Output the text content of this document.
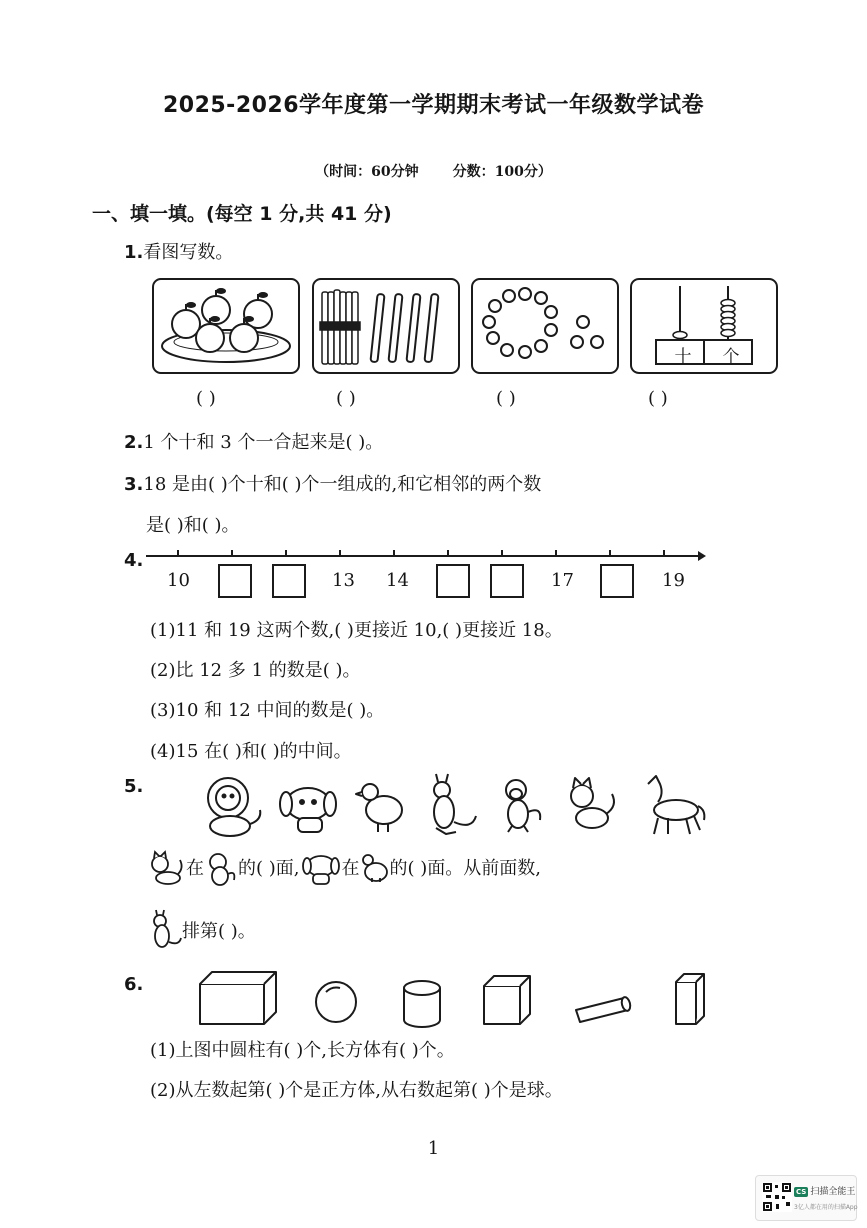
2025-2026学年度第一学期期末考试一年级数学试卷
（时间：60分钟 分数：100分）
一、填一填。(每空 1 分,共 41 分)
1.看图写数。
十	个
( )	( )	( )	( )
2.1 个十和 3 个一合起来是( )。
3.18 是由( )个十和( )个一组成的,和它相邻的两个数
是( )和( )。
4.
10	13 14	17	19
(1)11 和 19 这两个数,( )更接近 10,( )更接近 18。
(2)比 12 多 1 的数是( )。
(3)10 和 12 中间的数是( )。
(4)15 在( )和( )的中间。
5.
在 的( )面, 在 的( )面。从前面数,
排第( )。
6.
(1)上图中圆柱有( )个,长方体有( )个。
(2)从左数起第( )个是正方体,从右数起第( )个是球。
1
CS 扫描全能王
3亿人都在用的扫描App
